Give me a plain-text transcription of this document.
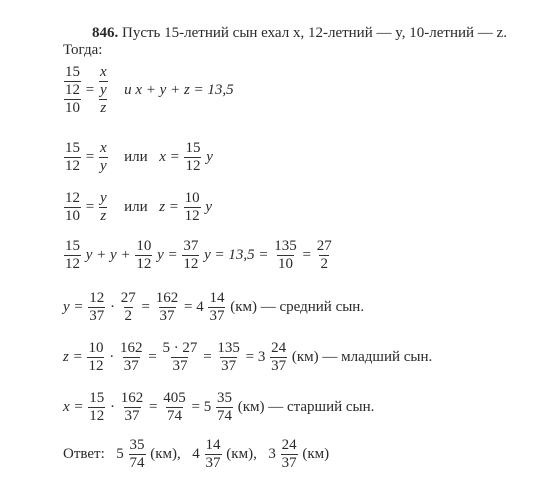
846. Пусть 15-летний сын ехал x, 12-летний — y, 10-летний — z.
Тогда:
15
12
10
=
x
y
z
и x + y + z = 13,5
$\frac{15}{12} = \frac{x}{y}$ или $x = \frac{15}{12}$ y
$\frac{12}{10} = \frac{y}{z}$ или $z = \frac{10}{12}$ y
$\frac{15}{12}$ $y + y + \frac{10}{12}$ $y = \frac{37}{12}$ $y = 13,5 = \frac{135}{10} = \frac{27}{2}$
$y = \frac{12}{37} \cdot \frac{27}{2} = \frac{162}{37} = 4 \frac{14}{37} (км)$ — средний сын.
$z = \frac{10}{12} \cdot \frac{162}{37} = \frac{5 \cdot 27}{37} = \frac{135}{37} = 3 \frac{24}{37} (км)$ — младший сын.
$x = \frac{15}{12} \cdot \frac{162}{37} = \frac{405}{74} = 5 \frac{35}{74} (км)$ — старший сын.
Ответ: $5 \frac{35}{74} (км)$, $4 \frac{14}{37} (км)$, $3 \frac{24}{37} (км)$
